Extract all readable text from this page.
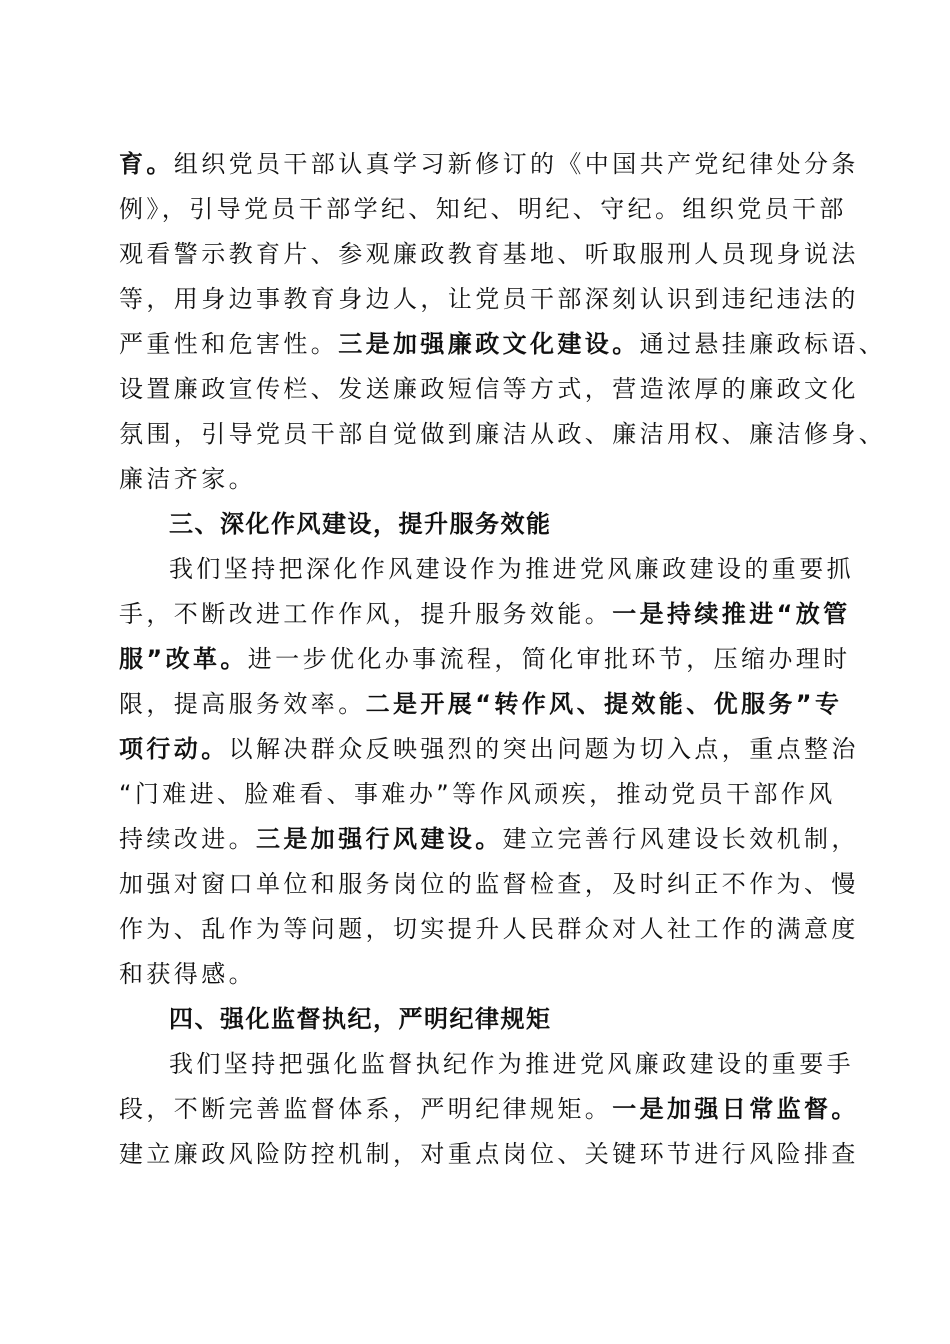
育。组织党员干部认真学习新修订的《中国共产党纪律处分条
例》，引导党员干部学纪、知纪、明纪、守纪。组织党员干部
观看警示教育片、参观廉政教育基地、听取服刑人员现身说法
等，用身边事教育身边人，让党员干部深刻认识到违纪违法的
严重性和危害性。三是加强廉政文化建设。通过悬挂廉政标语、
设置廉政宣传栏、发送廉政短信等方式，营造浓厚的廉政文化
氛围，引导党员干部自觉做到廉洁从政、廉洁用权、廉洁修身、
廉洁齐家。
三、深化作风建设，提升服务效能
我们坚持把深化作风建设作为推进党风廉政建设的重要抓
手，不断改进工作作风，提升服务效能。一是持续推进“放管
服”改革。进一步优化办事流程，简化审批环节，压缩办理时
限，提高服务效率。二是开展“转作风、提效能、优服务”专
项行动。以解决群众反映强烈的突出问题为切入点，重点整治
“门难进、脸难看、事难办”等作风顽疾，推动党员干部作风
持续改进。三是加强行风建设。建立完善行风建设长效机制，
加强对窗口单位和服务岗位的监督检查，及时纠正不作为、慢
作为、乱作为等问题，切实提升人民群众对人社工作的满意度
和获得感。
四、强化监督执纪，严明纪律规矩
我们坚持把强化监督执纪作为推进党风廉政建设的重要手
段，不断完善监督体系，严明纪律规矩。一是加强日常监督。
建立廉政风险防控机制，对重点岗位、关键环节进行风险排查
